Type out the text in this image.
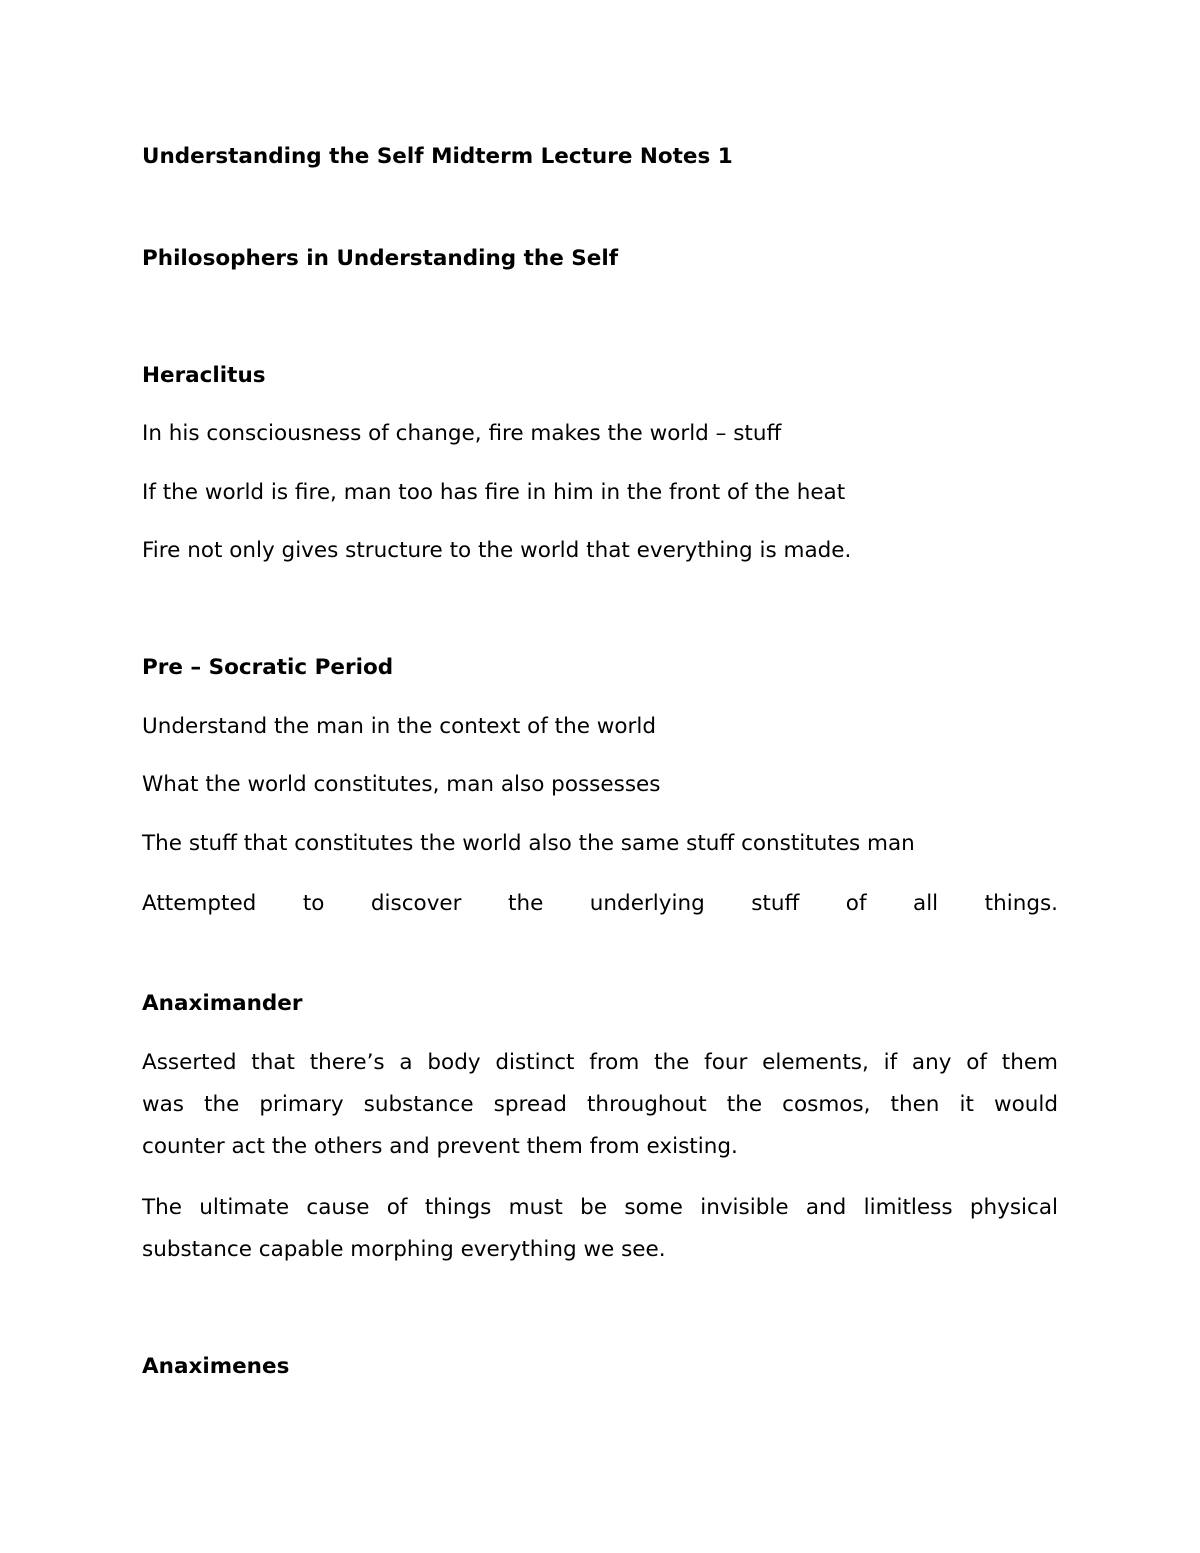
Understanding the Self Midterm Lecture Notes 1

Philosophers in Understanding the Self

Heraclitus

In his consciousness of change, fire makes the world – stuff

If the world is fire, man too has fire in him in the front of the heat

Fire not only gives structure to the world that everything is made.

Pre – Socratic Period

Understand the man in the context of the world

What the world constitutes, man also possesses

The stuff that constitutes the world also the same stuff constitutes man

Attempted to discover the underlying stuff of all things.

Anaximander

Asserted that there’s a body distinct from the four elements, if any of them
was the primary substance spread throughout the cosmos, then it would
counter act the others and prevent them from existing.
The ultimate cause of things must be some invisible and limitless physical
substance capable morphing everything we see.

Anaximenes
